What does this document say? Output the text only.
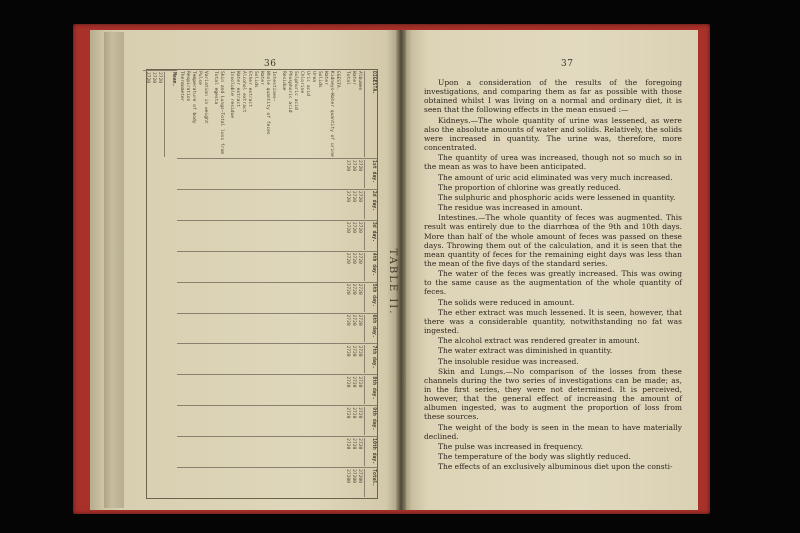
36	37
TABLE II.
DIGESTA.
Albumen
Water
Total
EGESTA.
Kidneys—Water quantity of urine
Water
Solids
Urea
Uric acid
Chlorine
Sulphuric acid
Phosphoric acid
Residue
Intestines—
Whole quantity of feces
Water
Solids
Ether extract
Alcohol extract
Water extract
Insoluble residue
Skin and Lungs—Total loss from
Total egesta
Variation in weight
Pulse
Temperature of body
Respiration
Thermometer
1st day.
2720
2720
2720
2d day.
2720
2720
2720
3d day.
2720
2720
2720
4th day.
2720
2720
2720
5th day.
2720
2720
2720
6th day.
2720
2720
2720
7th day.
2720
2720
2720
8th day.
2720
2720
2720
9th day.
2720
2720
2720
10th day.
2720
2720
2720
Total.
27200
27200
27200
Mean.
2720
2720
2720	Upon a consideration of the results of the foregoing investigations, and comparing them as far as possible with those obtained whilst I was living on a normal and ordinary diet, it is seen that the following effects in the mean ensued :—

Kidneys.—The whole quantity of urine was lessened, as were also the absolute amounts of water and solids. Relatively, the solids were increased in quantity. The urine was, therefore, more concentrated.

The quantity of urea was increased, though not so much so in the mean as was to have been anticipated.

The amount of uric acid eliminated was very much increased.

The proportion of chlorine was greatly reduced.

The sulphuric and phosphoric acids were lessened in quantity.

The residue was increased in amount.

Intestines.—The whole quantity of feces was augmented. This result was entirely due to the diarrhœa of the 9th and 10th days. More than half of the whole amount of feces was passed on these days. Throwing them out of the calculation, and it is seen that the mean quantity of feces for the remaining eight days was less than the mean of the five days of the standard series.

The water of the feces was greatly increased. This was owing to the same cause as the augmentation of the whole quantity of feces.

The solids were reduced in amount.

The ether extract was much lessened. It is seen, however, that there was a considerable quantity, notwithstanding no fat was ingested.

The alcohol extract was rendered greater in amount.

The water extract was diminished in quantity.

The insoluble residue was increased.

Skin and Lungs.—No comparison of the losses from these channels during the two series of investigations can be made; as, in the first series, they were not determined. It is perceived, however, that the general effect of increasing the amount of albumen ingested, was to augment the proportion of loss from these sources.

The weight of the body is seen in the mean to have materially declined.

The pulse was increased in frequency.

The temperature of the body was slightly reduced.

The effects of an exclusively albuminous diet upon the consti-
